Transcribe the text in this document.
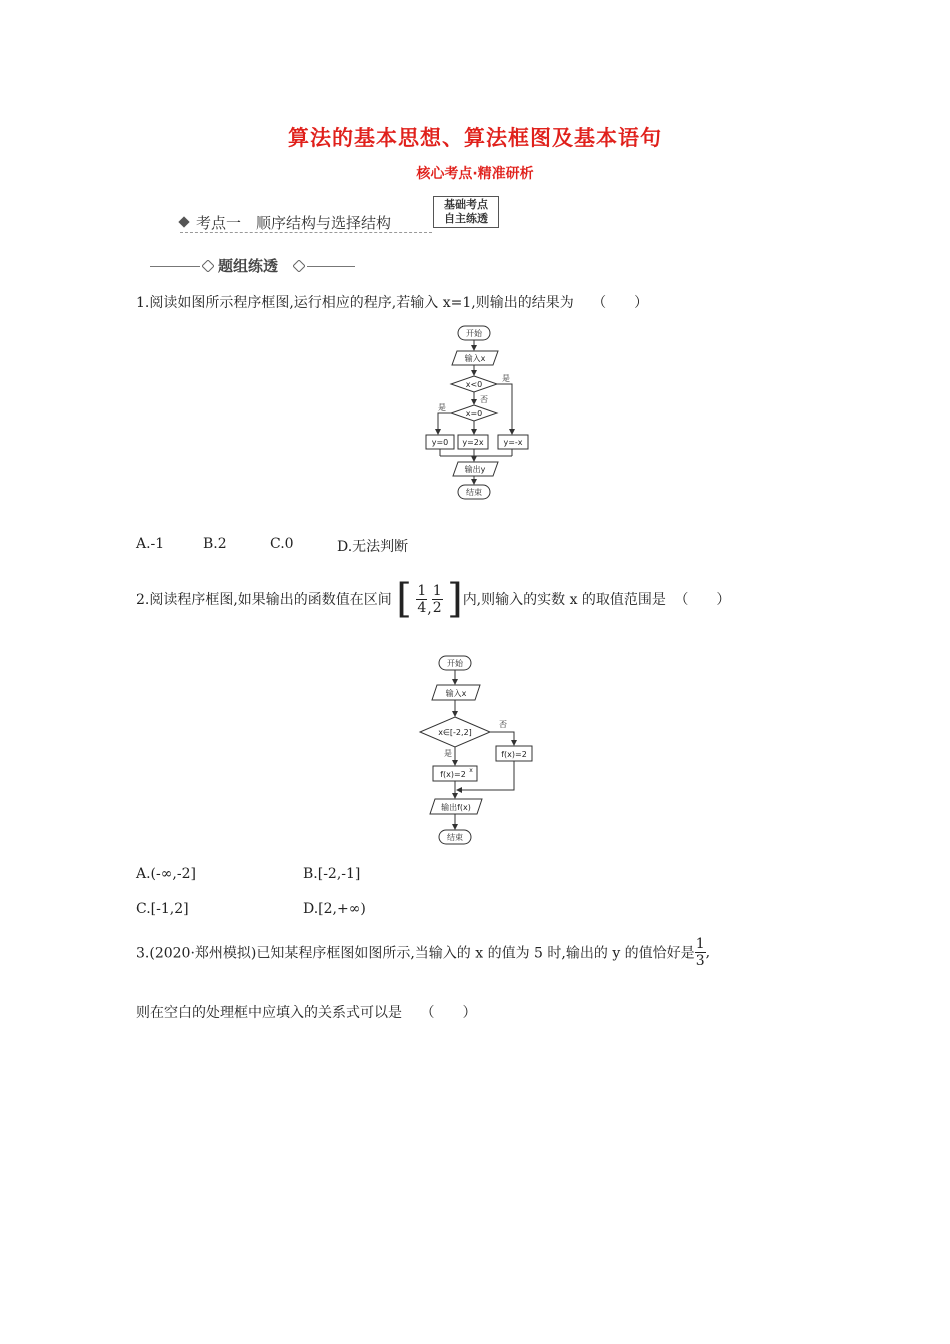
算法的基本思想、算法框图及基本语句
核心考点·精准研析
考点一　顺序结构与选择结构
基础考点
自主练透
题组练透
1.阅读如图所示程序框图,运行相应的程序,若输入 x=1,则输出的结果为 （　　）
开始
输入x
x<0
是
否
x=0
是
y=0 y=2x y=-x
输出y
结束
A.-1	B.2	C.0	D.无法判断
2.阅读程序框图,如果输出的函数值在区间 [ $\frac{1}{4}$ , $\frac{1}{2}$ ]内,则输入的实数 x 的取值范围是 （　　）
开始
输入x
x∈[-2,2]
否
是	f(x)=2
f(x)=2 x
输出f(x)
结束
A.(-∞,-2]	B.[-2,-1]
C.[-1,2]	D.[2,+∞)
3.(2020·郑州模拟)已知某程序框图如图所示,当输入的 x 的值为 5 时,输出的 y 的值恰好是 $\frac{1}{3}$ ,
则在空白的处理框中应填入的关系式可以是 （　　）
